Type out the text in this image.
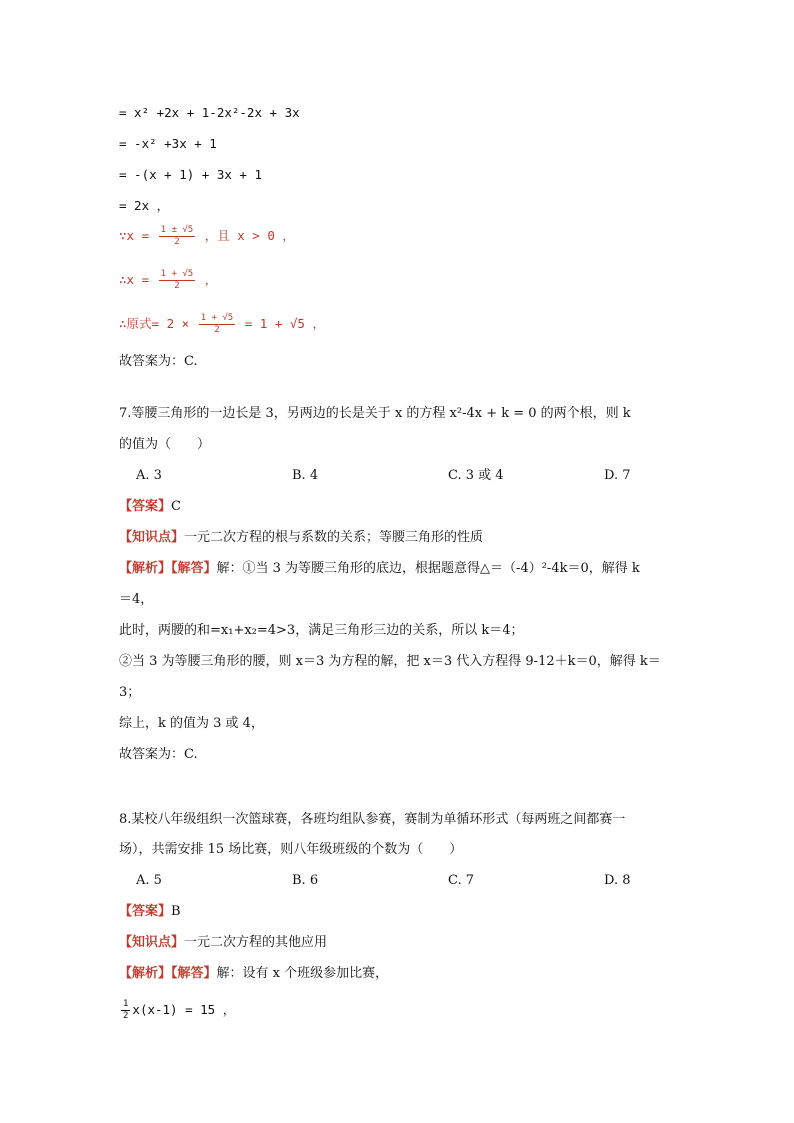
= x² +2x + 1-2x²-2x + 3x
= -x² +3x + 1
= -(x + 1) + 3x + 1
= 2x ，
∵x = $\frac{1 \pm √5}{2}$ ，且 x > 0 ，
∴x = $\frac{1 + √5}{2}$ ，
∴原式= $2 \times \frac{1 + √5}{2} = 1 + √5$ ，
故答案为：C.
7.等腰三角形的一边长是 3，另两边的长是关于 x 的方程 x²-4x + k = 0 的两个根，则 k
的值为（　　）
A. 3	B. 4	C. 3 或 4	D. 7
【答案】C
【知识点】一元二次方程的根与系数的关系；等腰三角形的性质
【解析】【解答】解：①当 3 为等腰三角形的底边，根据题意得△＝（-4）²-4k＝0，解得 k
＝4，
此时，两腰的和=x₁+x₂=4>3，满足三角形三边的关系，所以 k＝4；
②当 3 为等腰三角形的腰，则 x＝3 为方程的解，把 x＝3 代入方程得 9-12＋k＝0，解得 k＝
3；
综上，k 的值为 3 或 4，
故答案为：C.
8.某校八年级组织一次篮球赛，各班均组队参赛，赛制为单循环形式（每两班之间都赛一
场），共需安排 15 场比赛，则八年级班级的个数为（　　）
A. 5	B. 6	C. 7	D. 8
【答案】B
【知识点】一元二次方程的其他应用
【解析】【解答】解：设有 x 个班级参加比赛，
$\frac{1}{2} x(x-1) = 15$ ，
